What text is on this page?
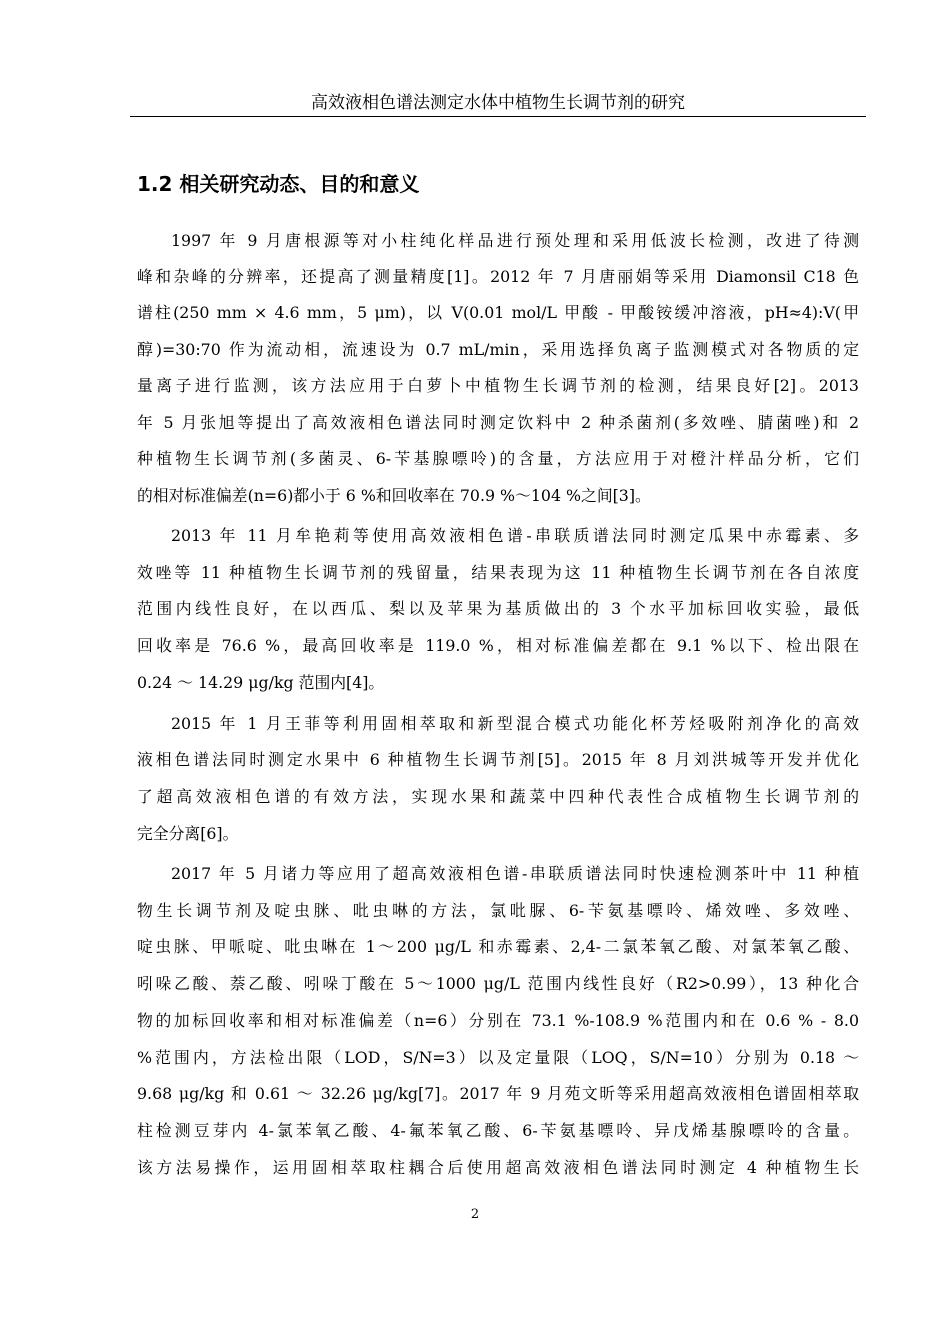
高效液相色谱法测定水体中植物生长调节剂的研究
1.2 相关研究动态、目的和意义
1997 年 9 月唐根源等对小柱纯化样品进行预处理和采用低波长检测，改进了待测
峰和杂峰的分辨率，还提高了测量精度[1]。2012 年 7 月唐丽娟等采用 Diamonsil C18 色
谱柱(250 mm × 4.6 mm，5 μm)，以 V(0.01 mol/L 甲酸 - 甲酸铵缓冲溶液，pH≈4):V(甲
醇)=30:70 作为流动相，流速设为 0.7 mL/min，采用选择负离子监测模式对各物质的定
量离子进行监测，该方法应用于白萝卜中植物生长调节剂的检测，结果良好[2]。2013
年 5 月张旭等提出了高效液相色谱法同时测定饮料中 2 种杀菌剂(多效唑、腈菌唑)和 2
种植物生长调节剂(多菌灵、6-苄基腺嘌呤)的含量，方法应用于对橙汁样品分析，它们
的相对标准偏差(n=6)都小于 6 %和回收率在 70.9 %～104 %之间[3]。
2013 年 11 月牟艳莉等使用高效液相色谱-串联质谱法同时测定瓜果中赤霉素、多
效唑等 11 种植物生长调节剂的残留量，结果表现为这 11 种植物生长调节剂在各自浓度
范围内线性良好，在以西瓜、梨以及苹果为基质做出的 3 个水平加标回收实验，最低
回收率是 76.6 %，最高回收率是 119.0 %，相对标准偏差都在 9.1 %以下、检出限在
0.24 ～ 14.29 μg/kg 范围内[4]。
2015 年 1 月王菲等利用固相萃取和新型混合模式功能化杯芳烃吸附剂净化的高效
液相色谱法同时测定水果中 6 种植物生长调节剂[5]。2015 年 8 月刘洪城等开发并优化
了超高效液相色谱的有效方法，实现水果和蔬菜中四种代表性合成植物生长调节剂的
完全分离[6]。
2017 年 5 月诸力等应用了超高效液相色谱-串联质谱法同时快速检测茶叶中 11 种植
物生长调节剂及啶虫脒、吡虫啉的方法，氯吡脲、6-苄氨基嘌呤、烯效唑、多效唑、
啶虫脒、甲哌啶、吡虫啉在 1～200 μg/L 和赤霉素、2,4-二氯苯氧乙酸、对氯苯氧乙酸、
吲哚乙酸、萘乙酸、吲哚丁酸在 5～1000 μg/L 范围内线性良好（R2>0.99），13 种化合
物的加标回收率和相对标准偏差（n=6）分别在 73.1 %-108.9 %范围内和在 0.6 % - 8.0
%范围内，方法检出限（LOD，S/N=3）以及定量限（LOQ，S/N=10）分别为 0.18 ～
9.68 μg/kg 和 0.61 ～ 32.26 μg/kg[7]。2017 年 9 月苑文昕等采用超高效液相色谱固相萃取
柱检测豆芽内 4-氯苯氧乙酸、4-氟苯氧乙酸、6-苄氨基嘌呤、异戊烯基腺嘌呤的含量。
该方法易操作，运用固相萃取柱耦合后使用超高效液相色谱法同时测定 4 种植物生长
2
